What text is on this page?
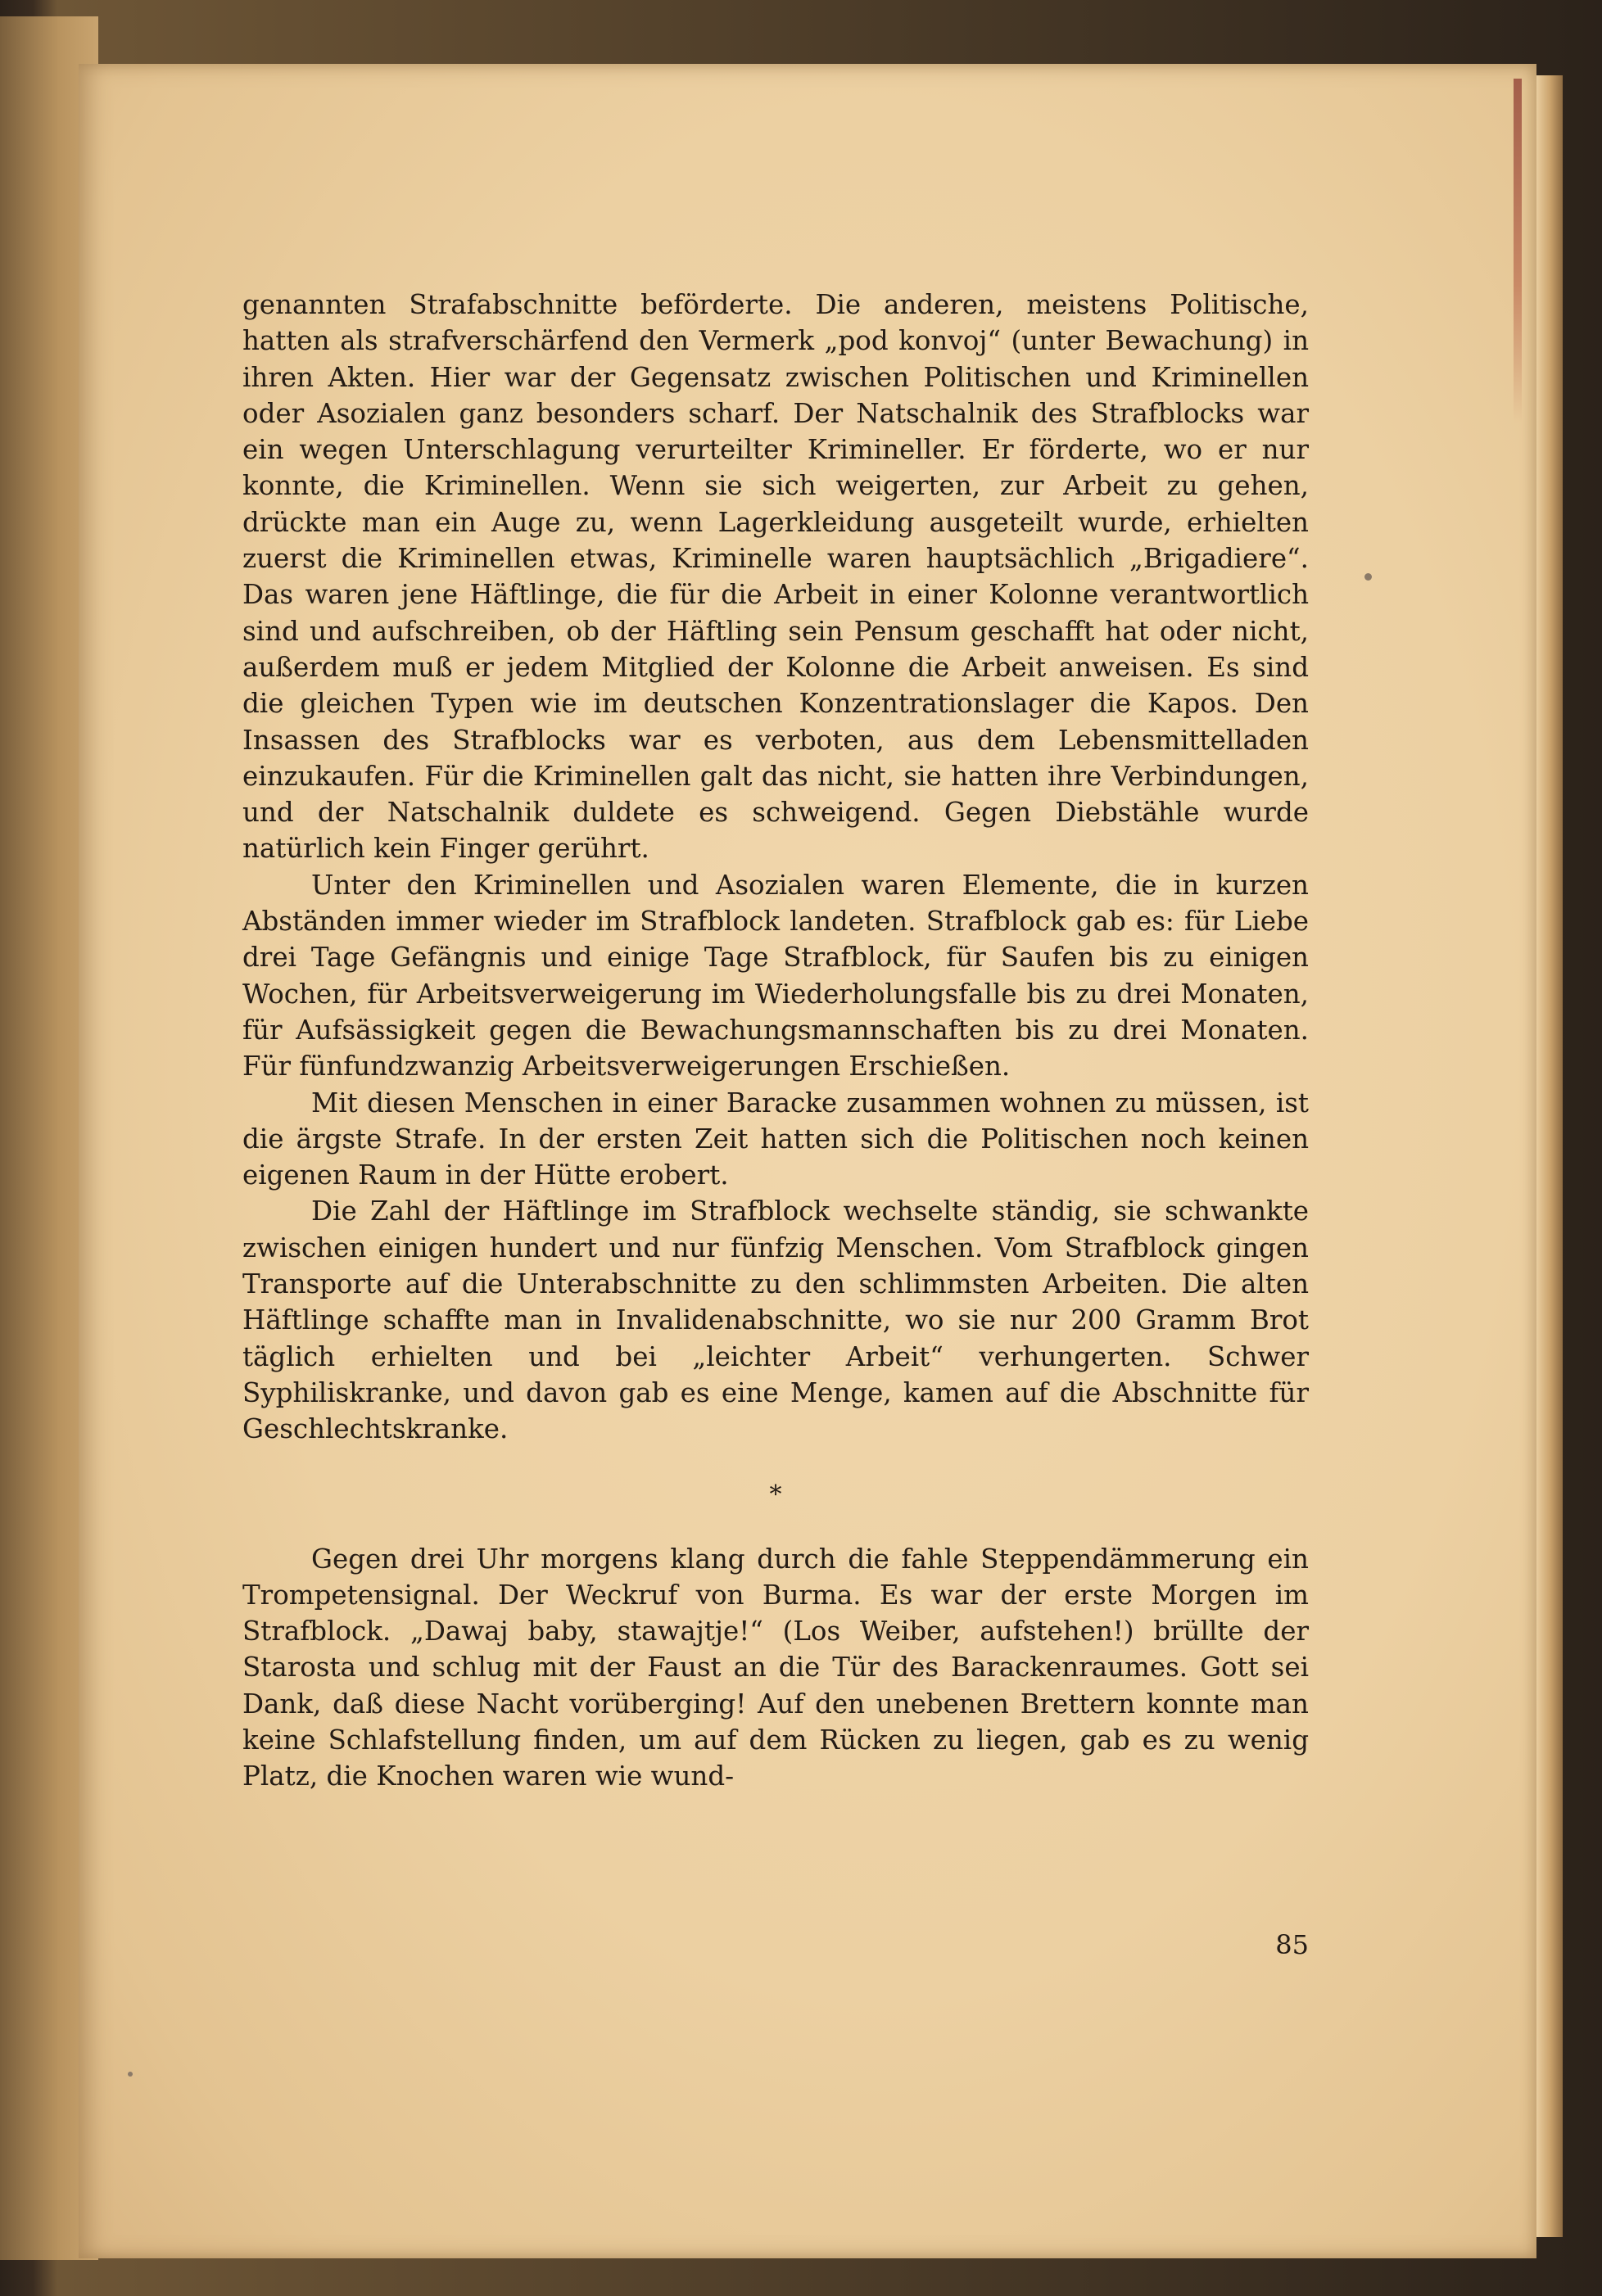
genannten Strafabschnitte beförderte. Die anderen, meistens Politische, hatten als strafverschärfend den Vermerk „pod konvoj“ (unter Bewachung) in ihren Akten. Hier war der Gegensatz zwischen Politischen und Kriminellen oder Asozialen ganz besonders scharf. Der Natschalnik des Strafblocks war ein wegen Unterschlagung verurteilter Krimineller. Er förderte, wo er nur konnte, die Kriminellen. Wenn sie sich weigerten, zur Arbeit zu gehen, drückte man ein Auge zu, wenn Lagerkleidung ausgeteilt wurde, erhielten zuerst die Kriminellen etwas, Kriminelle waren hauptsächlich „Brigadiere“. Das waren jene Häftlinge, die für die Arbeit in einer Kolonne verantwortlich sind und aufschreiben, ob der Häftling sein Pensum geschafft hat oder nicht, außerdem muß er jedem Mitglied der Kolonne die Arbeit anweisen. Es sind die gleichen Typen wie im deutschen Konzentrationslager die Kapos. Den Insassen des Strafblocks war es verboten, aus dem Lebensmittelladen einzukaufen. Für die Kriminellen galt das nicht, sie hatten ihre Verbindungen, und der Natschalnik duldete es schweigend. Gegen Diebstähle wurde natürlich kein Finger gerührt.

Unter den Kriminellen und Asozialen waren Elemente, die in kurzen Abständen immer wieder im Strafblock landeten. Strafblock gab es: für Liebe drei Tage Gefängnis und einige Tage Strafblock, für Saufen bis zu einigen Wochen, für Arbeitsverweigerung im Wiederholungsfalle bis zu drei Monaten, für Aufsässigkeit gegen die Bewachungsmannschaften bis zu drei Monaten. Für fünfundzwanzig Arbeitsverweigerungen Erschießen.

Mit diesen Menschen in einer Baracke zusammen wohnen zu müssen, ist die ärgste Strafe. In der ersten Zeit hatten sich die Politischen noch keinen eigenen Raum in der Hütte erobert.

Die Zahl der Häftlinge im Strafblock wechselte ständig, sie schwankte zwischen einigen hundert und nur fünfzig Menschen. Vom Strafblock gingen Transporte auf die Unterabschnitte zu den schlimmsten Arbeiten. Die alten Häftlinge schaffte man in Invalidenabschnitte, wo sie nur 200 Gramm Brot täglich erhielten und bei „leichter Arbeit“ verhungerten. Schwer Syphiliskranke, und davon gab es eine Menge, kamen auf die Abschnitte für Geschlechtskranke.

*

Gegen drei Uhr morgens klang durch die fahle Steppendämmerung ein Trompetensignal. Der Weckruf von Burma. Es war der erste Morgen im Strafblock. „Dawaj baby, stawajtje!“ (Los Weiber, aufstehen!) brüllte der Starosta und schlug mit der Faust an die Tür des Barackenraumes. Gott sei Dank, daß diese Nacht vorüberging! Auf den unebenen Brettern konnte man keine Schlafstellung finden, um auf dem Rücken zu liegen, gab es zu wenig Platz, die Knochen waren wie wund-

85
